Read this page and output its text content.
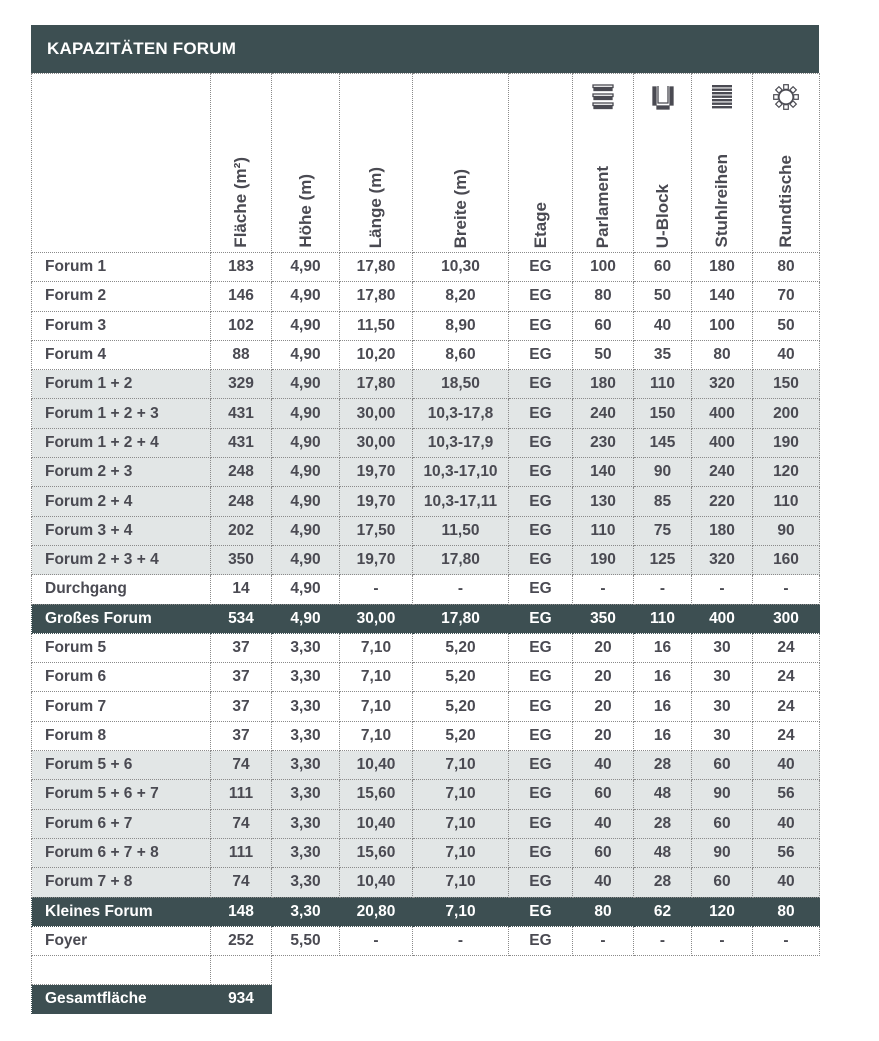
KAPAZITÄTEN FORUM

	Fläche (m²)	Höhe (m)	Länge (m)	Breite (m)	Etage	Parlament	U-Block	Stuhlreihen	Rundtische

Forum 1	183	4,90	17,80	10,30	EG	100	60	180	80
Forum 2	146	4,90	17,80	8,20	EG	80	50	140	70
Forum 3	102	4,90	11,50	8,90	EG	60	40	100	50
Forum 4	88	4,90	10,20	8,60	EG	50	35	80	40
Forum 1 + 2	329	4,90	17,80	18,50	EG	180	110	320	150
Forum 1 + 2 + 3	431	4,90	30,00	10,3-17,8	EG	240	150	400	200
Forum 1 + 2 + 4	431	4,90	30,00	10,3-17,9	EG	230	145	400	190
Forum 2 + 3	248	4,90	19,70	10,3-17,10	EG	140	90	240	120
Forum 2 + 4	248	4,90	19,70	10,3-17,11	EG	130	85	220	110
Forum 3 + 4	202	4,90	17,50	11,50	EG	110	75	180	90
Forum 2 + 3 + 4	350	4,90	19,70	17,80	EG	190	125	320	160
Durchgang	14	4,90	-	-	EG	-	-	-	-
Großes Forum	534	4,90	30,00	17,80	EG	350	110	400	300
Forum 5	37	3,30	7,10	5,20	EG	20	16	30	24
Forum 6	37	3,30	7,10	5,20	EG	20	16	30	24
Forum 7	37	3,30	7,10	5,20	EG	20	16	30	24
Forum 8	37	3,30	7,10	5,20	EG	20	16	30	24
Forum 5 + 6	74	3,30	10,40	7,10	EG	40	28	60	40
Forum 5 + 6 + 7	111	3,30	15,60	7,10	EG	60	48	90	56
Forum 6 + 7	74	3,30	10,40	7,10	EG	40	28	60	40
Forum 6 + 7 + 8	111	3,30	15,60	7,10	EG	60	48	90	56
Forum 7 + 8	74	3,30	10,40	7,10	EG	40	28	60	40
Kleines Forum	148	3,30	20,80	7,10	EG	80	62	120	80
Foyer	252	5,50	-	-	EG	-	-	-	-

Gesamtfläche	934								
